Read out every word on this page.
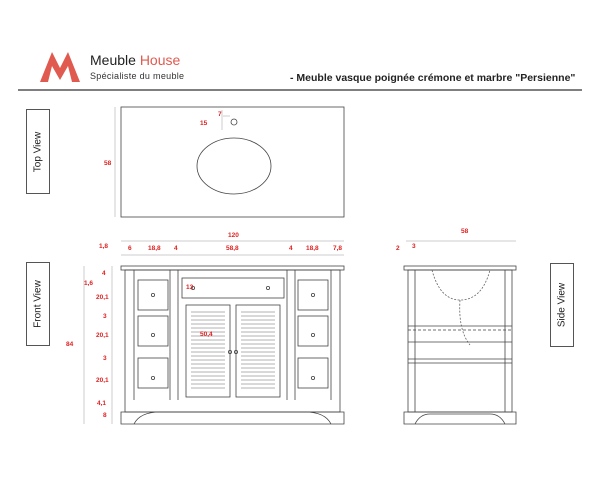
Meuble House
Spécialiste du meuble	- Meuble vasque poignée crémone et marbre "Persienne"
Top View
Front View	Side View
7
15
58
120
1,8	6	18,8 4	58,8	4 18,8 7,8
84
1,6
4
20,1
3
20,1
3
20,1
4,1
8
13
50,4
58
2 3
